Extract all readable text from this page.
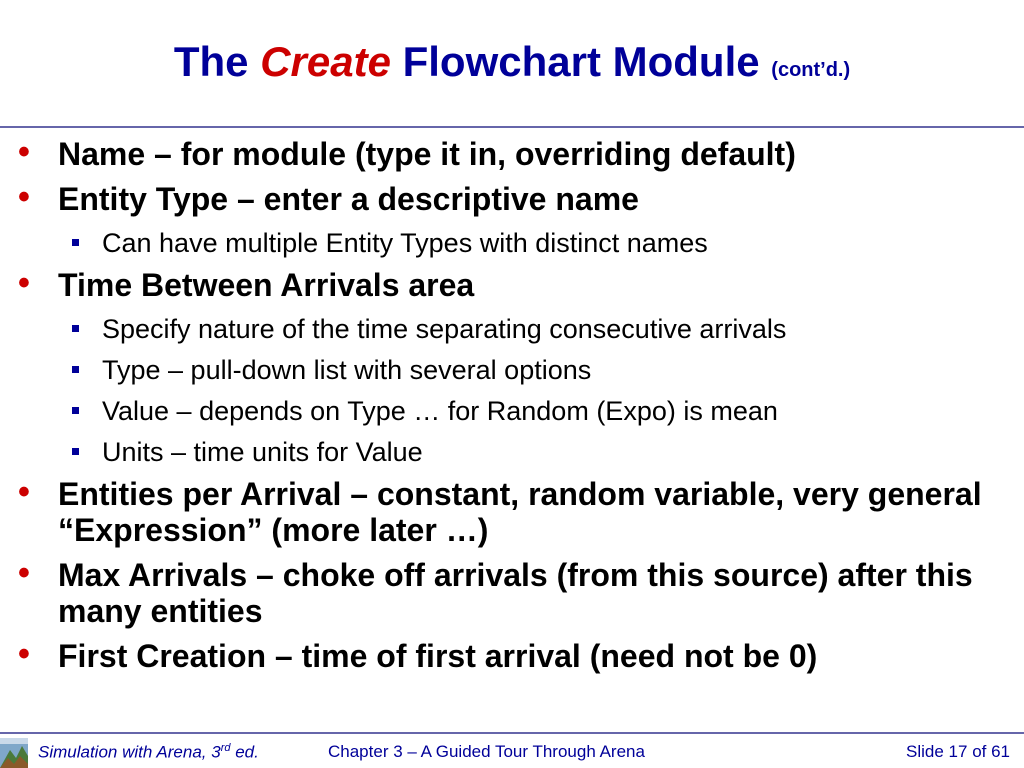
The Create Flowchart Module (cont’d.)
• Name – for module (type it in, overriding default)
• Entity Type – enter a descriptive name
Can have multiple Entity Types with distinct names
• Time Between Arrivals area
Specify nature of the time separating consecutive arrivals
Type – pull-down list with several options
Value – depends on Type … for Random (Expo) is mean
Units – time units for Value
• Entities per Arrival – constant, random variable, very general “Expression” (more later …)
• Max Arrivals – choke off arrivals (from this source) after this many entities
• First Creation – time of first arrival (need not be 0)
Simulation with Arena, 3rd ed.	Chapter 3 – A Guided Tour Through Arena	Slide 17 of 61
